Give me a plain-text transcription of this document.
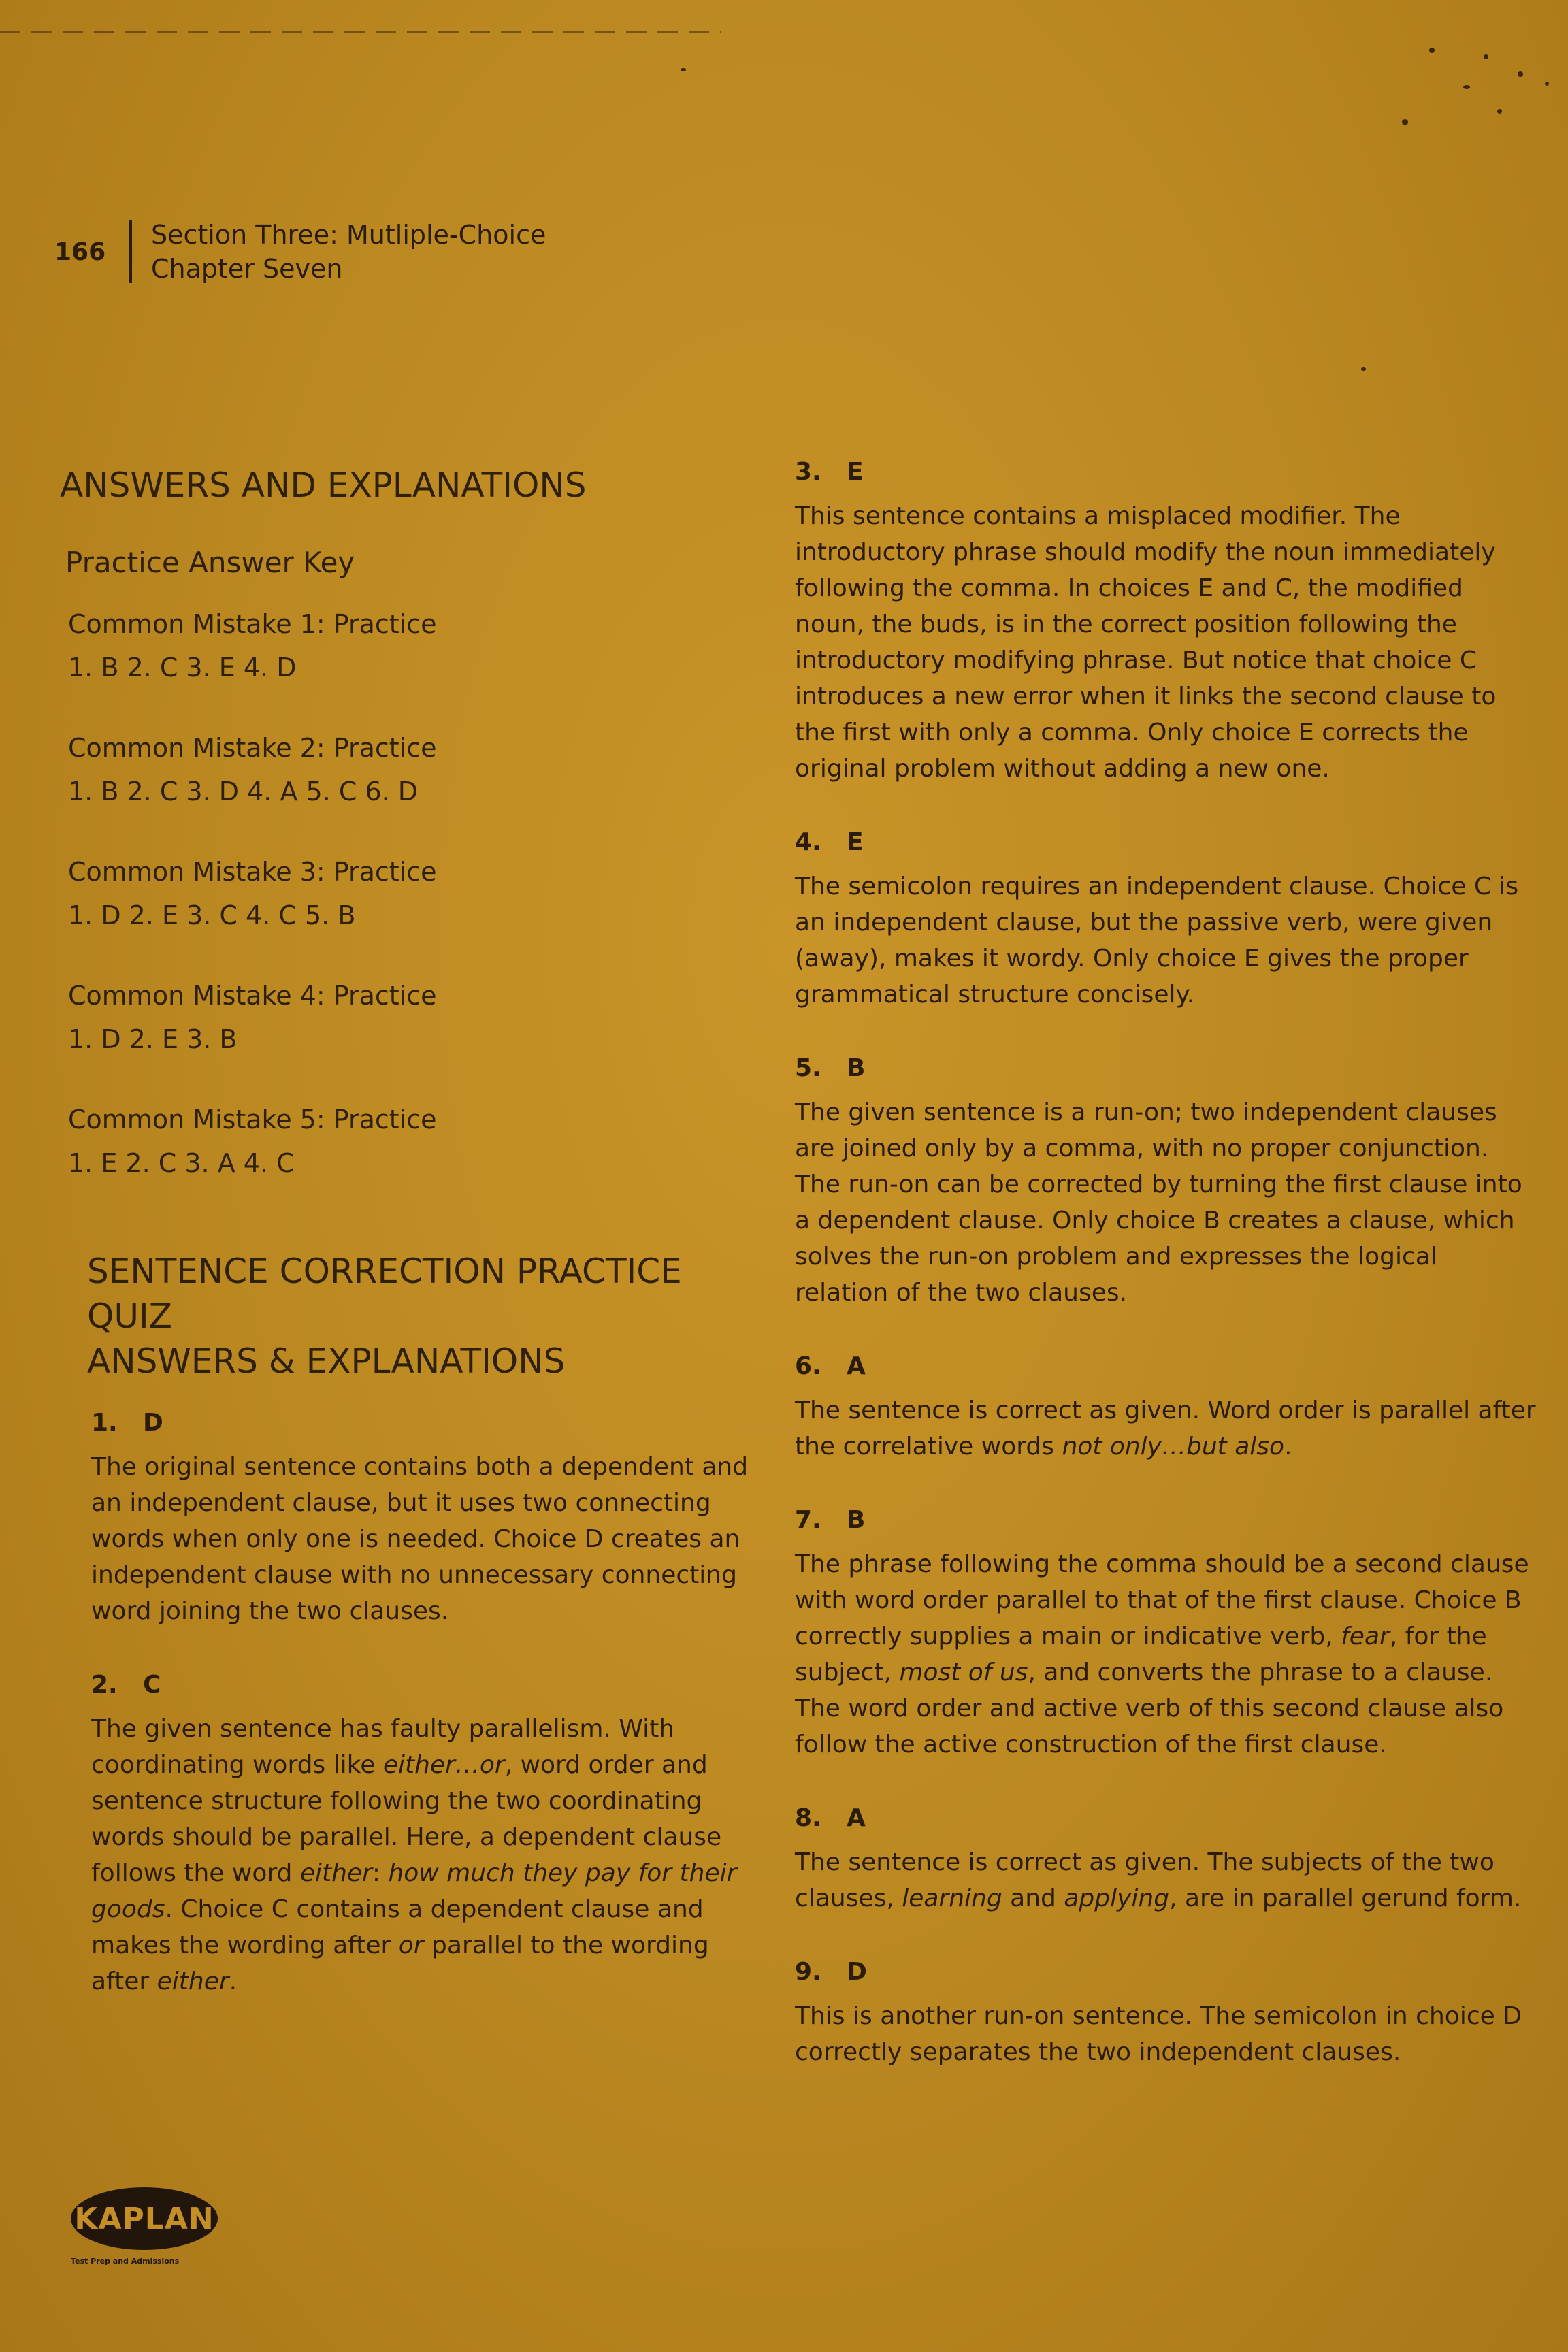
166
Section Three: Mutliple-Choice
Chapter Seven
ANSWERS AND EXPLANATIONS
Practice Answer Key
Common Mistake 1: Practice
1. B 2. C 3. E 4. D
Common Mistake 2: Practice
1. B 2. C 3. D 4. A 5. C 6. D
Common Mistake 3: Practice
1. D 2. E 3. C 4. C 5. B
Common Mistake 4: Practice
1. D 2. E 3. B
Common Mistake 5: Practice
1. E 2. C 3. A 4. C
SENTENCE CORRECTION PRACTICE QUIZ
ANSWERS & EXPLANATIONS
1. D
The original sentence contains both a dependent and an independent clause, but it uses two connecting words when only one is needed. Choice D creates an independent clause with no unnecessary connecting word joining the two clauses.
2. C
The given sentence has faulty parallelism. With coordinating words like either…or, word order and sentence structure following the two coordinating words should be parallel. Here, a dependent clause follows the word either: how much they pay for their goods. Choice C contains a dependent clause and makes the wording after or parallel to the wording after either.
3. E
This sentence contains a misplaced modifier. The introductory phrase should modify the noun immediately following the comma. In choices E and C, the modified noun, the buds, is in the correct position following the introductory modifying phrase. But notice that choice C introduces a new error when it links the second clause to the first with only a comma. Only choice E corrects the original problem without adding a new one.
4. E
The semicolon requires an independent clause. Choice C is an independent clause, but the passive verb, were given (away), makes it wordy. Only choice E gives the proper grammatical structure concisely.
5. B
The given sentence is a run-on; two independent clauses are joined only by a comma, with no proper conjunction. The run-on can be corrected by turning the first clause into a dependent clause. Only choice B creates a clause, which solves the run-on problem and expresses the logical relation of the two clauses.
6. A
The sentence is correct as given. Word order is parallel after the correlative words not only…but also.
7. B
The phrase following the comma should be a second clause with word order parallel to that of the first clause. Choice B correctly supplies a main or indicative verb, fear, for the subject, most of us, and converts the phrase to a clause. The word order and active verb of this second clause also follow the active construction of the first clause.
8. A
The sentence is correct as given. The subjects of the two clauses, learning and applying, are in parallel gerund form.
9. D
This is another run-on sentence. The semicolon in choice D correctly separates the two independent clauses.
KAPLAN
Test Prep and Admissions
